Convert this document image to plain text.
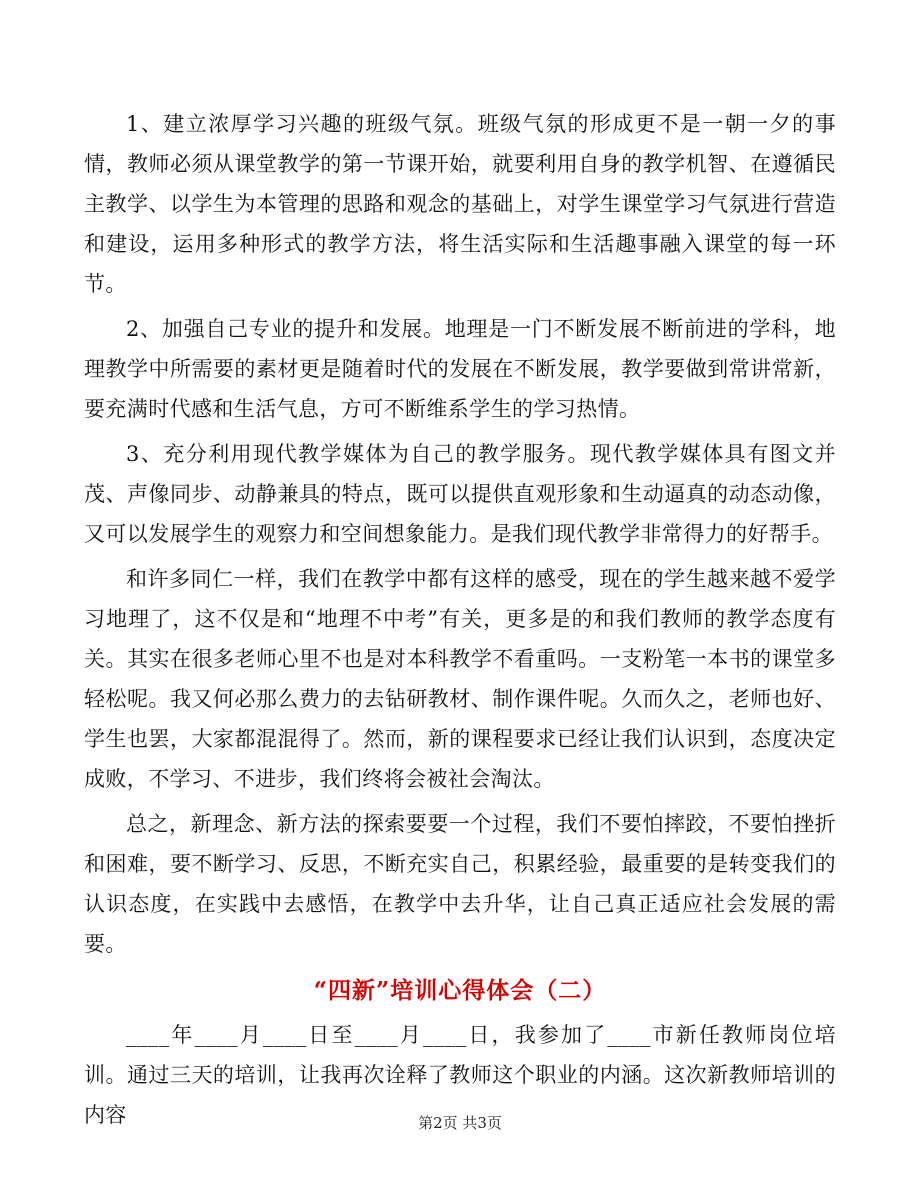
1、建立浓厚学习兴趣的班级气氛。班级气氛的形成更不是一朝一夕的事情，教师必须从课堂教学的第一节课开始，就要利用自身的教学机智、在遵循民主教学、以学生为本管理的思路和观念的基础上，对学生课堂学习气氛进行营造和建设，运用多种形式的教学方法，将生活实际和生活趣事融入课堂的每一环节。

2、加强自己专业的提升和发展。地理是一门不断发展不断前进的学科，地理教学中所需要的素材更是随着时代的发展在不断发展，教学要做到常讲常新，要充满时代感和生活气息，方可不断维系学生的学习热情。

3、充分利用现代教学媒体为自己的教学服务。现代教学媒体具有图文并茂、声像同步、动静兼具的特点，既可以提供直观形象和生动逼真的动态动像，又可以发展学生的观察力和空间想象能力。是我们现代教学非常得力的好帮手。

和许多同仁一样，我们在教学中都有这样的感受，现在的学生越来越不爱学习地理了，这不仅是和“地理不中考”有关，更多是的和我们教师的教学态度有关。其实在很多老师心里不也是对本科教学不看重吗。一支粉笔一本书的课堂多轻松呢。我又何必那么费力的去钻研教材、制作课件呢。久而久之，老师也好、学生也罢，大家都混混得了。然而，新的课程要求已经让我们认识到，态度决定成败，不学习、不进步，我们终将会被社会淘汰。

总之，新理念、新方法的探索要要一个过程，我们不要怕摔跤，不要怕挫折和困难，要不断学习、反思，不断充实自己，积累经验，最重要的是转变我们的认识态度，在实践中去感悟，在教学中去升华，让自己真正适应社会发展的需要。

“四新”培训心得体会（二）

____年____月____日至____月____日，我参加了____市新任教师岗位培训。通过三天的培训，让我再次诠释了教师这个职业的内涵。这次新教师培训的内容	第2页 共3页
